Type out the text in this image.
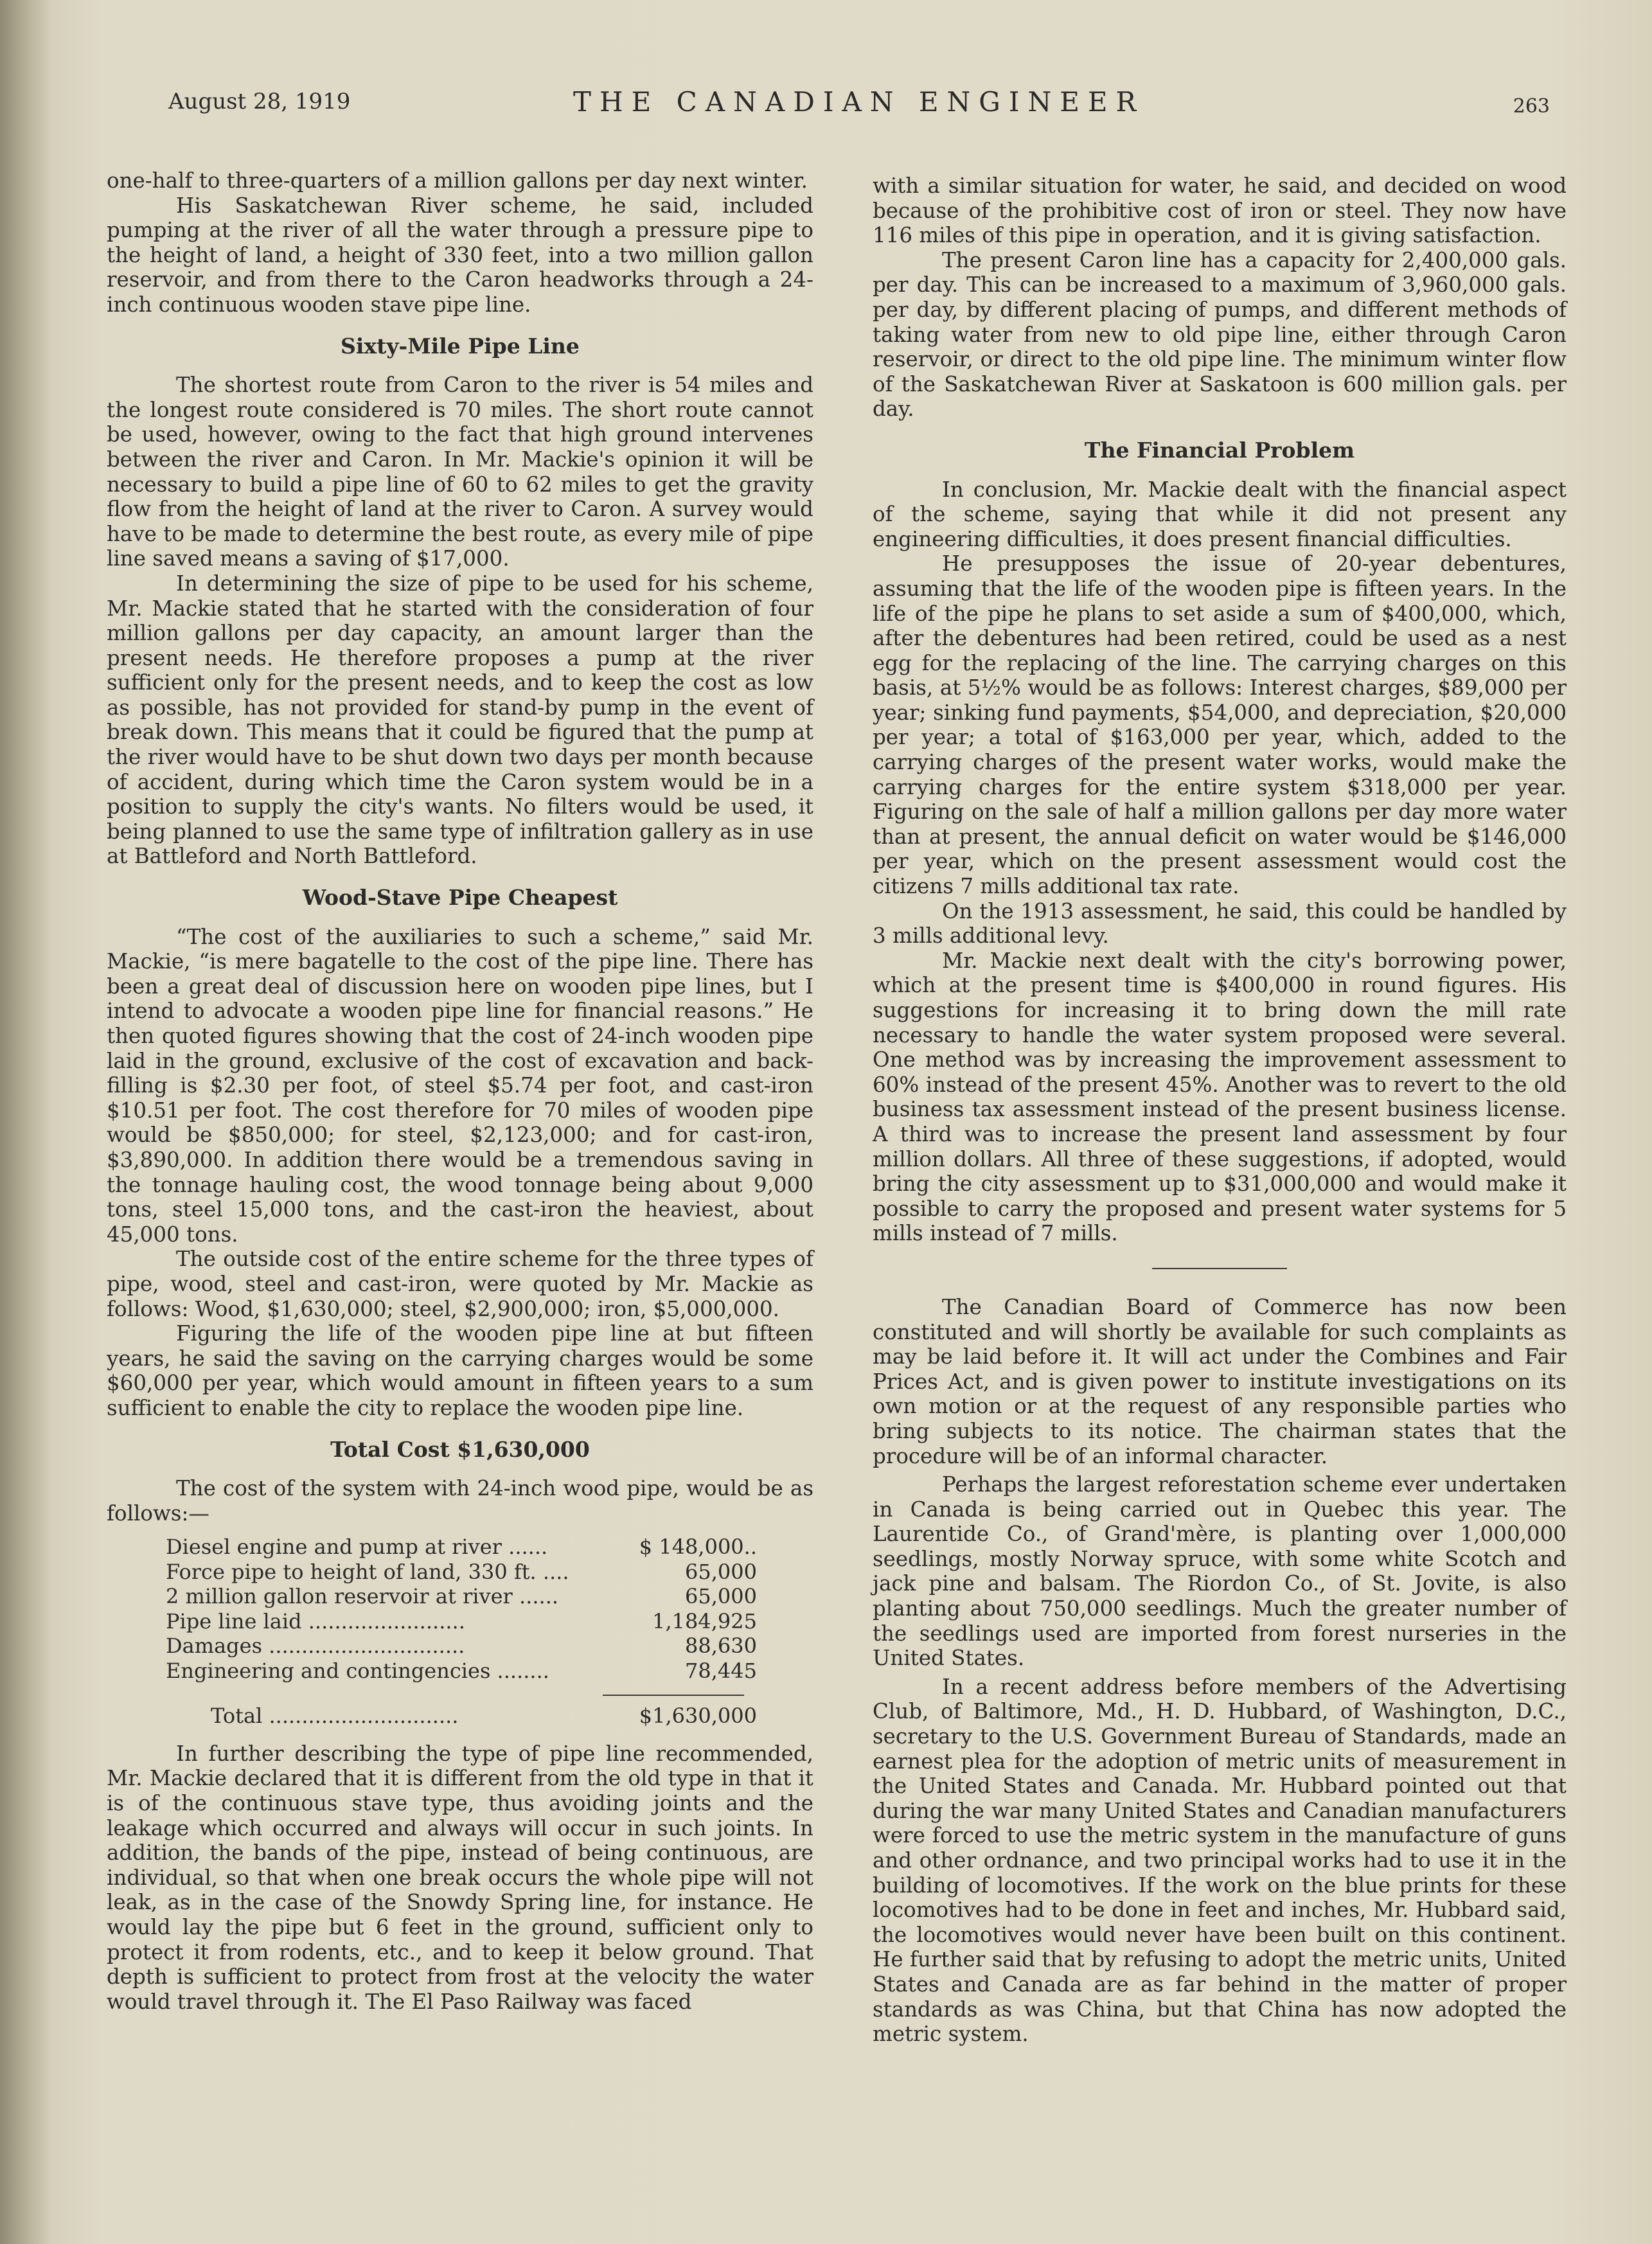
August 28, 1919	THE CANADIAN ENGINEER	263

one-half to three-quarters of a million gallons per day next winter.

His Saskatchewan River scheme, he said, included pumping at the river of all the water through a pressure pipe to the height of land, a height of 330 feet, into a two million gallon reservoir, and from there to the Caron headworks through a 24-inch continuous wooden stave pipe line.

Sixty-Mile Pipe Line

The shortest route from Caron to the river is 54 miles and the longest route considered is 70 miles. The short route cannot be used, however, owing to the fact that high ground intervenes between the river and Caron. In Mr. Mackie's opinion it will be necessary to build a pipe line of 60 to 62 miles to get the gravity flow from the height of land at the river to Caron. A survey would have to be made to determine the best route, as every mile of pipe line saved means a saving of $17,000.

In determining the size of pipe to be used for his scheme, Mr. Mackie stated that he started with the consideration of four million gallons per day capacity, an amount larger than the present needs. He therefore proposes a pump at the river sufficient only for the present needs, and to keep the cost as low as possible, has not provided for stand-by pump in the event of break down. This means that it could be figured that the pump at the river would have to be shut down two days per month because of accident, during which time the Caron system would be in a position to supply the city's wants. No filters would be used, it being planned to use the same type of infiltration gallery as in use at Battleford and North Battleford.

Wood-Stave Pipe Cheapest

“The cost of the auxiliaries to such a scheme,” said Mr. Mackie, “is mere bagatelle to the cost of the pipe line. There has been a great deal of discussion here on wooden pipe lines, but I intend to advocate a wooden pipe line for financial reasons.” He then quoted figures showing that the cost of 24-inch wooden pipe laid in the ground, exclusive of the cost of excavation and back-filling is $2.30 per foot, of steel $5.74 per foot, and cast-iron $10.51 per foot. The cost therefore for 70 miles of wooden pipe would be $850,000; for steel, $2,123,000; and for cast-iron, $3,890,000. In addition there would be a tremendous saving in the tonnage hauling cost, the wood tonnage being about 9,000 tons, steel 15,000 tons, and the cast-iron the heaviest, about 45,000 tons.

The outside cost of the entire scheme for the three types of pipe, wood, steel and cast-iron, were quoted by Mr. Mackie as follows: Wood, $1,630,000; steel, $2,900,000; iron, $5,000,000.

Figuring the life of the wooden pipe line at but fifteen years, he said the saving on the carrying charges would be some $60,000 per year, which would amount in fifteen years to a sum sufficient to enable the city to replace the wooden pipe line.

Total Cost $1,630,000

The cost of the system with 24-inch wood pipe, would be as follows:—

Diesel engine and pump at river ......	$ 148,000..
Force pipe to height of land, 330 ft. ....	65,000
2 million gallon reservoir at river ......	65,000
Pipe line laid ........................	1,184,925
Damages ..............................	88,630
Engineering and contingencies ........	78,445
Total .............................	$1,630,000

In further describing the type of pipe line recommended, Mr. Mackie declared that it is different from the old type in that it is of the continuous stave type, thus avoiding joints and the leakage which occurred and always will occur in such joints. In addition, the bands of the pipe, instead of being continuous, are individual, so that when one break occurs the whole pipe will not leak, as in the case of the Snowdy Spring line, for instance. He would lay the pipe but 6 feet in the ground, sufficient only to protect it from rodents, etc., and to keep it below ground. That depth is sufficient to protect from frost at the velocity the water would travel through it. The El Paso Railway was faced

with a similar situation for water, he said, and decided on wood because of the prohibitive cost of iron or steel. They now have 116 miles of this pipe in operation, and it is giving satisfaction.

The present Caron line has a capacity for 2,400,000 gals. per day. This can be increased to a maximum of 3,960,000 gals. per day, by different placing of pumps, and different methods of taking water from new to old pipe line, either through Caron reservoir, or direct to the old pipe line. The minimum winter flow of the Saskatchewan River at Saskatoon is 600 million gals. per day.

The Financial Problem

In conclusion, Mr. Mackie dealt with the financial aspect of the scheme, saying that while it did not present any engineering difficulties, it does present financial difficulties.

He presupposes the issue of 20-year debentures, assuming that the life of the wooden pipe is fifteen years. In the life of the pipe he plans to set aside a sum of $400,000, which, after the debentures had been retired, could be used as a nest egg for the replacing of the line. The carrying charges on this basis, at 5½% would be as follows: Interest charges, $89,000 per year; sinking fund payments, $54,000, and depreciation, $20,000 per year; a total of $163,000 per year, which, added to the carrying charges of the present water works, would make the carrying charges for the entire system $318,000 per year. Figuring on the sale of half a million gallons per day more water than at present, the annual deficit on water would be $146,000 per year, which on the present assessment would cost the citizens 7 mills additional tax rate.

On the 1913 assessment, he said, this could be handled by 3 mills additional levy.

Mr. Mackie next dealt with the city's borrowing power, which at the present time is $400,000 in round figures. His suggestions for increasing it to bring down the mill rate necessary to handle the water system proposed were several. One method was by increasing the improvement assessment to 60% instead of the present 45%. Another was to revert to the old business tax assessment instead of the present business license. A third was to increase the present land assessment by four million dollars. All three of these suggestions, if adopted, would bring the city assessment up to $31,000,000 and would make it possible to carry the proposed and present water systems for 5 mills instead of 7 mills.

The Canadian Board of Commerce has now been constituted and will shortly be available for such complaints as may be laid before it. It will act under the Combines and Fair Prices Act, and is given power to institute investigations on its own motion or at the request of any responsible parties who bring subjects to its notice. The chairman states that the procedure will be of an informal character.

Perhaps the largest reforestation scheme ever undertaken in Canada is being carried out in Quebec this year. The Laurentide Co., of Grand'mère, is planting over 1,000,000 seedlings, mostly Norway spruce, with some white Scotch and jack pine and balsam. The Riordon Co., of St. Jovite, is also planting about 750,000 seedlings. Much the greater number of the seedlings used are imported from forest nurseries in the United States.

In a recent address before members of the Advertising Club, of Baltimore, Md., H. D. Hubbard, of Washington, D.C., secretary to the U.S. Government Bureau of Standards, made an earnest plea for the adoption of metric units of measurement in the United States and Canada. Mr. Hubbard pointed out that during the war many United States and Canadian manufacturers were forced to use the metric system in the manufacture of guns and other ordnance, and two principal works had to use it in the building of locomotives. If the work on the blue prints for these locomotives had to be done in feet and inches, Mr. Hubbard said, the locomotives would never have been built on this continent. He further said that by refusing to adopt the metric units, United States and Canada are as far behind in the matter of proper standards as was China, but that China has now adopted the metric system.
